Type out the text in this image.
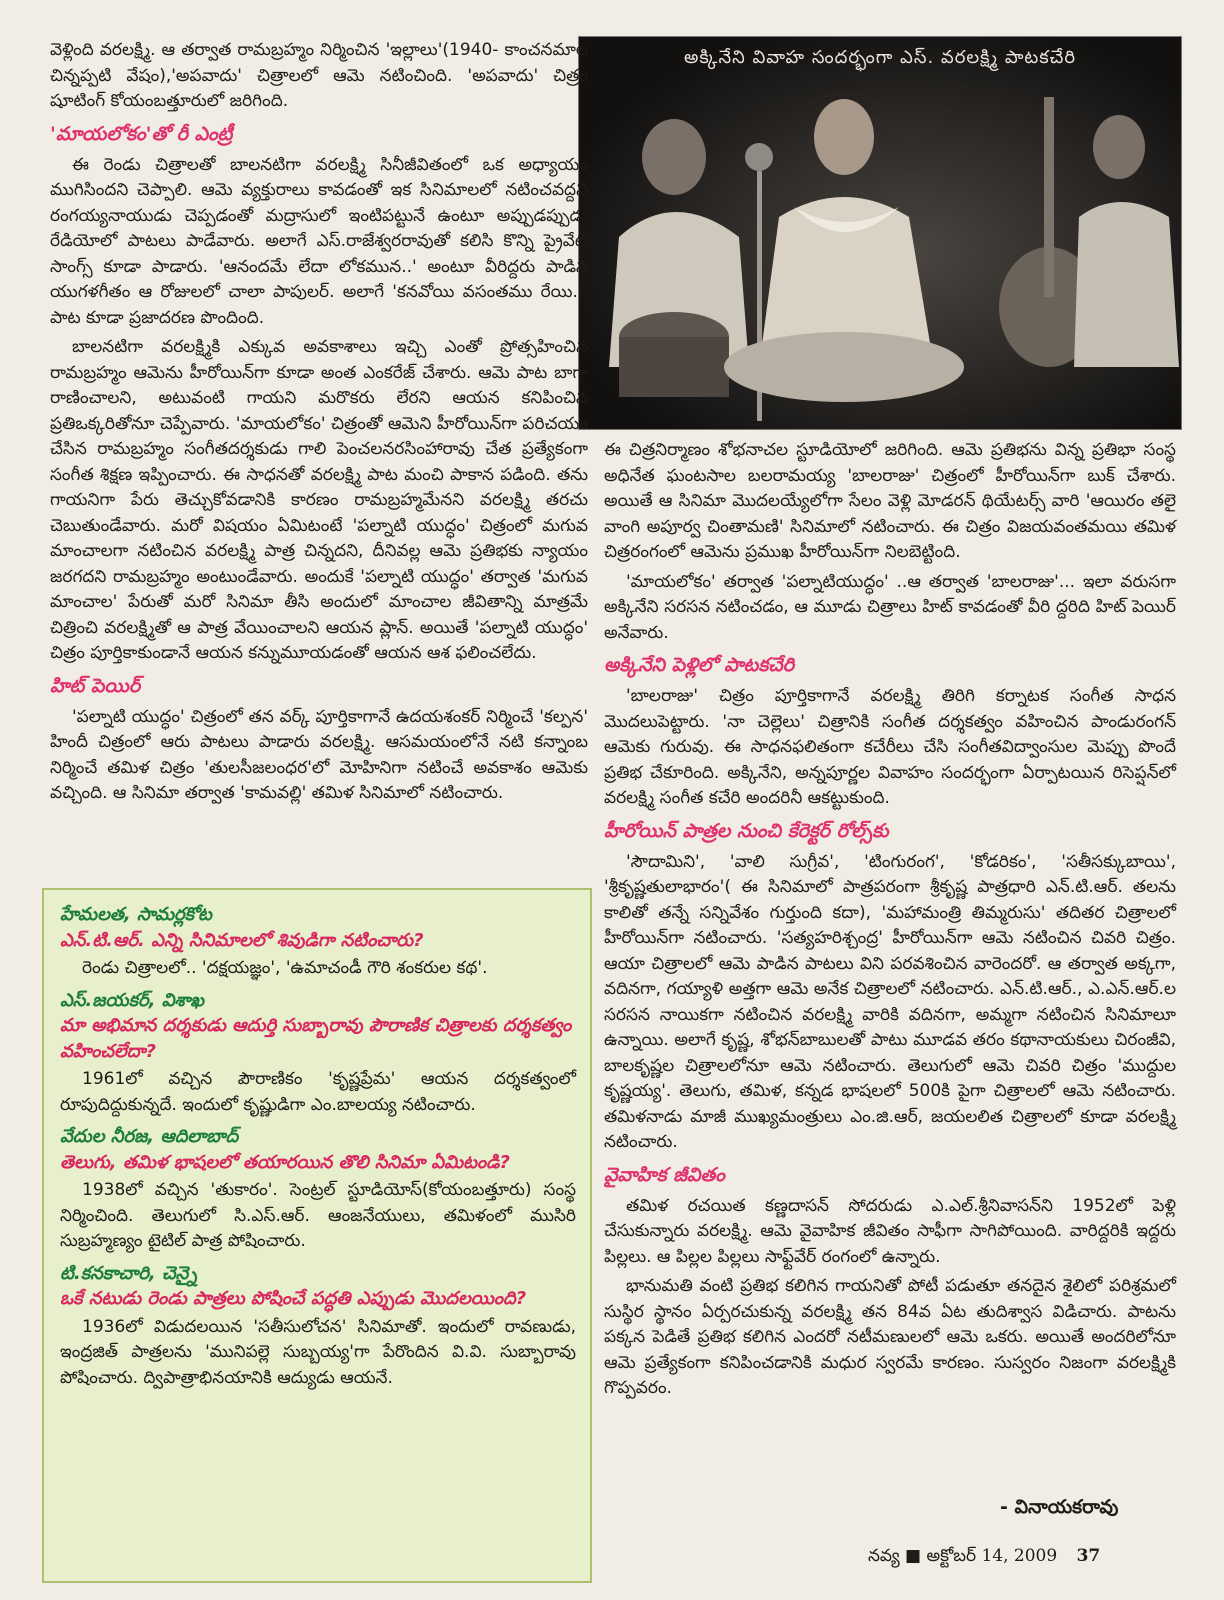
అక్కినేని వివాహ సందర్భంగా ఎస్. వరలక్ష్మి పాటకచేరి

వెళ్లింది వరలక్ష్మి. ఆ తర్వాత రామబ్రహ్మం నిర్మించిన 'ఇల్లాలు'(1940- కాంచనమాల చిన్నప్పటి వేషం),'అపవాదు' చిత్రాలలో ఆమె నటించింది. 'అపవాదు' చిత్రం షూటింగ్ కోయంబత్తూరులో జరిగింది.

'మాయలోకం'తో రీ ఎంట్రీ

ఈ రెండు చిత్రాలతో బాలనటిగా వరలక్ష్మి సినీజీవితంలో ఒక అధ్యాయం ముగిసిందని చెప్పాలి. ఆమె వ్యక్తురాలు కావడంతో ఇక సినిమాలలో నటించవద్దని రంగయ్యనాయుడు చెప్పడంతో మద్రాసులో ఇంటిపట్టునే ఉంటూ అప్పుడప్పుడు రేడియోలో పాటలు పాడేవారు. అలాగే ఎస్.రాజేశ్వరరావుతో కలిసి కొన్ని ప్రైవేట్ సాంగ్స్ కూడా పాడారు. 'ఆనందమే లేదా లోకమున..' అంటూ వీరిద్దరు పాడిన యుగళగీతం ఆ రోజులలో చాలా పాపులర్. అలాగే 'కనవోయి వసంతము రేయి..' పాట కూడా ప్రజాదరణ పొందింది.

బాలనటిగా వరలక్ష్మికి ఎక్కువ అవకాశాలు ఇచ్చి ఎంతో ప్రోత్సహించిన రామబ్రహ్మం ఆమెను హీరోయిన్‌గా కూడా అంత ఎంకరేజ్ చేశారు. ఆమె పాట బాగా రాణించాలని, అటువంటి గాయని మరొకరు లేరని ఆయన కనిపించిన ప్రతిఒక్కరితోనూ చెప్పేవారు. 'మాయలోకం' చిత్రంతో ఆమెని హీరోయిన్‌గా పరిచయం చేసిన రామబ్రహ్మం సంగీతదర్శకుడు గాలి పెంచలనరసింహారావు చేత ప్రత్యేకంగా సంగీత శిక్షణ ఇప్పించారు. ఈ సాధనతో వరలక్ష్మి పాట మంచి పాకాన పడింది. తను గాయనిగా పేరు తెచ్చుకోవడానికి కారణం రామబ్రహ్మమేనని వరలక్ష్మి తరచు చెబుతుండేవారు. మరో విషయం ఏమిటంటే 'పల్నాటి యుద్ధం' చిత్రంలో మగువ మాంచాలగా నటించిన వరలక్ష్మి పాత్ర చిన్నదని, దీనివల్ల ఆమె ప్రతిభకు న్యాయం జరగదని రామబ్రహ్మం అంటుండేవారు. అందుకే 'పల్నాటి యుద్ధం' తర్వాత 'మగువ మాంచాల' పేరుతో మరో సినిమా తీసి అందులో మాంచాల జీవితాన్ని మాత్రమే చిత్రించి వరలక్ష్మితో ఆ పాత్ర వేయించాలని ఆయన ప్లాన్. అయితే 'పల్నాటి యుద్ధం' చిత్రం పూర్తికాకుండానే ఆయన కన్నుమూయడంతో ఆయన ఆశ ఫలించలేదు.

హిట్ పెయిర్

'పల్నాటి యుద్ధం' చిత్రంలో తన వర్క్ పూర్తికాగానే ఉదయశంకర్ నిర్మించే 'కల్పన' హిందీ చిత్రంలో ఆరు పాటలు పాడారు వరలక్ష్మి. ఆసమయంలోనే నటి కన్నాంబ నిర్మించే తమిళ చిత్రం 'తులసీజలంధర'లో మోహినిగా నటించే అవకాశం ఆమెకు వచ్చింది. ఆ సినిమా తర్వాత 'కామవల్లి' తమిళ సినిమాలో నటించారు.

ఈ చిత్రనిర్మాణం శోభనాచల స్టూడియోలో జరిగింది. ఆమె ప్రతిభను విన్న ప్రతిభా సంస్థ అధినేత ఘంటసాల బలరామయ్య 'బాలరాజు' చిత్రంలో హీరోయిన్‌గా బుక్ చేశారు. అయితే ఆ సినిమా మొదలయ్యేలోగా సేలం వెళ్లి మోడరన్ థియేటర్స్ వారి 'ఆయిరం తలై వాంగి అపూర్వ చింతామణి' సినిమాలో నటించారు. ఈ చిత్రం విజయవంతమయి తమిళ చిత్రరంగంలో ఆమెను ప్రముఖ హీరోయిన్‌గా నిలబెట్టింది.

'మాయలోకం' తర్వాత 'పల్నాటియుద్ధం' ..ఆ తర్వాత 'బాలరాజు'... ఇలా వరుసగా అక్కినేని సరసన నటించడం, ఆ మూడు చిత్రాలు హిట్ కావడంతో వీరి ద్దరిది హిట్ పెయిర్ అనేవారు.

అక్కినేని పెళ్లిలో పాటకచేరి

'బాలరాజు' చిత్రం పూర్తికాగానే వరలక్ష్మి తిరిగి కర్నాటక సంగీత సాధన మొదలుపెట్టారు. 'నా చెల్లెలు' చిత్రానికి సంగీత దర్శకత్వం వహించిన పాండురంగన్ ఆమెకు గురువు. ఈ సాధనఫలితంగా కచేరీలు చేసి సంగీతవిద్వాంసుల మెప్పు పొందే ప్రతిభ చేకూరింది. అక్కినేని, అన్నపూర్ణల వివాహం సందర్భంగా ఏర్పాటయిన రిసెప్షన్‌లో వరలక్ష్మి సంగీత కచేరి అందరినీ ఆకట్టుకుంది.

హీరోయిన్ పాత్రల నుంచి కేరెక్టర్ రోల్స్‌కు

'సౌదామిని', 'వాలి సుగ్రీవ', 'టింగురంగ', 'కోడరికం', 'సతీసక్కుబాయి', 'శ్రీకృష్ణతులాభారం'( ఈ సినిమాలో పాత్రపరంగా శ్రీకృష్ణ పాత్రధారి ఎన్.టి.ఆర్. తలను కాలితో తన్నే సన్నివేశం గుర్తుంది కదా), 'మహామంత్రి తిమ్మరుసు' తదితర చిత్రాలలో హీరోయిన్‌గా నటించారు. 'సత్యహరిశ్చంద్ర' హీరోయిన్‌గా ఆమె నటించిన చివరి చిత్రం. ఆయా చిత్రాలలో ఆమె పాడిన పాటలు విని పరవశించిన వారెందరో. ఆ తర్వాత అక్కగా, వదినగా, గయ్యాళి అత్తగా ఆమె అనేక చిత్రాలలో నటించారు. ఎన్.టి.ఆర్., ఎ.ఎన్.ఆర్.ల సరసన నాయికగా నటించిన వరలక్ష్మి వారికి వదినగా, అమ్మగా నటించిన సినిమాలూ ఉన్నాయి. అలాగే కృష్ణ, శోభన్‌బాబులతో పాటు మూడవ తరం కథానాయకులు చిరంజీవి, బాలకృష్ణల చిత్రాలలోనూ ఆమె నటించారు. తెలుగులో ఆమె చివరి చిత్రం 'ముద్దుల కృష్ణయ్య'. తెలుగు, తమిళ, కన్నడ భాషలలో 500కి పైగా చిత్రాలలో ఆమె నటించారు. తమిళనాడు మాజీ ముఖ్యమంత్రులు ఎం.జి.ఆర్, జయలలిత చిత్రాలలో కూడా వరలక్ష్మి నటించారు.

వైవాహిక జీవితం

తమిళ రచయిత కణ్ణదాసన్ సోదరుడు ఎ.ఎల్.శ్రీనివాసన్‌ని 1952లో పెళ్లి చేసుకున్నారు వరలక్ష్మి. ఆమె వైవాహిక జీవితం సాఫీగా సాగిపోయింది. వారిద్దరికి ఇద్దరు పిల్లలు. ఆ పిల్లల పిల్లలు సాఫ్ట్‌వేర్ రంగంలో ఉన్నారు.

భానుమతి వంటి ప్రతిభ కలిగిన గాయనితో పోటీ పడుతూ తనదైన శైలిలో పరిశ్రమలో సుస్థిర స్థానం ఏర్పరచుకున్న వరలక్ష్మి తన 84వ ఏట తుదిశ్వాస విడిచారు. పాటను పక్కన పెడితే ప్రతిభ కలిగిన ఎందరో నటీమణులలో ఆమె ఒకరు. అయితే అందరిలోనూ ఆమె ప్రత్యేకంగా కనిపించడానికి మధుర స్వరమే కారణం. సుస్వరం నిజంగా వరలక్ష్మికి గొప్పవరం.

హేమలత, సామర్లకోట
ఎన్.టి.ఆర్. ఎన్ని సినిమాలలో శివుడిగా నటించారు?
రెండు చిత్రాలలో.. 'దక్షయజ్ఞం', 'ఉమాచండీ గౌరి శంకరుల కథ'.
ఎస్.జయకర్, విశాఖ
మా అభిమాన దర్శకుడు ఆదుర్తి సుబ్బారావు పౌరాణిక చిత్రాలకు దర్శకత్వం వహించలేదా?
1961లో వచ్చిన పౌరాణికం 'కృష్ణప్రేమ' ఆయన దర్శకత్వంలో రూపుదిద్దుకున్నదే. ఇందులో కృష్ణుడిగా ఎం.బాలయ్య నటించారు.
వేదుల నీరజ, ఆదిలాబాద్
తెలుగు, తమిళ భాషలలో తయారయిన తొలి సినిమా ఏమిటండి?
1938లో వచ్చిన 'తుకారం'. సెంట్రల్ స్టూడియోస్(కోయంబత్తూరు) సంస్థ నిర్మించింది. తెలుగులో సి.ఎస్.ఆర్. ఆంజనేయులు, తమిళంలో ముసిరి సుబ్రహ్మణ్యం టైటిల్ పాత్ర పోషించారు.
టి.కనకాచారి, చెన్నై
ఒకే నటుడు రెండు పాత్రలు పోషించే పద్ధతి ఎప్పుడు మొదలయింది?
1936లో విడుదలయిన 'సతీసులోచన' సినిమాతో. ఇందులో రావణుడు, ఇంద్రజిత్ పాత్రలను 'మునిపల్లె సుబ్బయ్య'గా పేరొందిన వి.వి. సుబ్బారావు పోషించారు. ద్విపాత్రాభినయానికి ఆద్యుడు ఆయనే.
- వినాయకరావు
నవ్య ■ అక్టోబర్ 14, 2009 37
